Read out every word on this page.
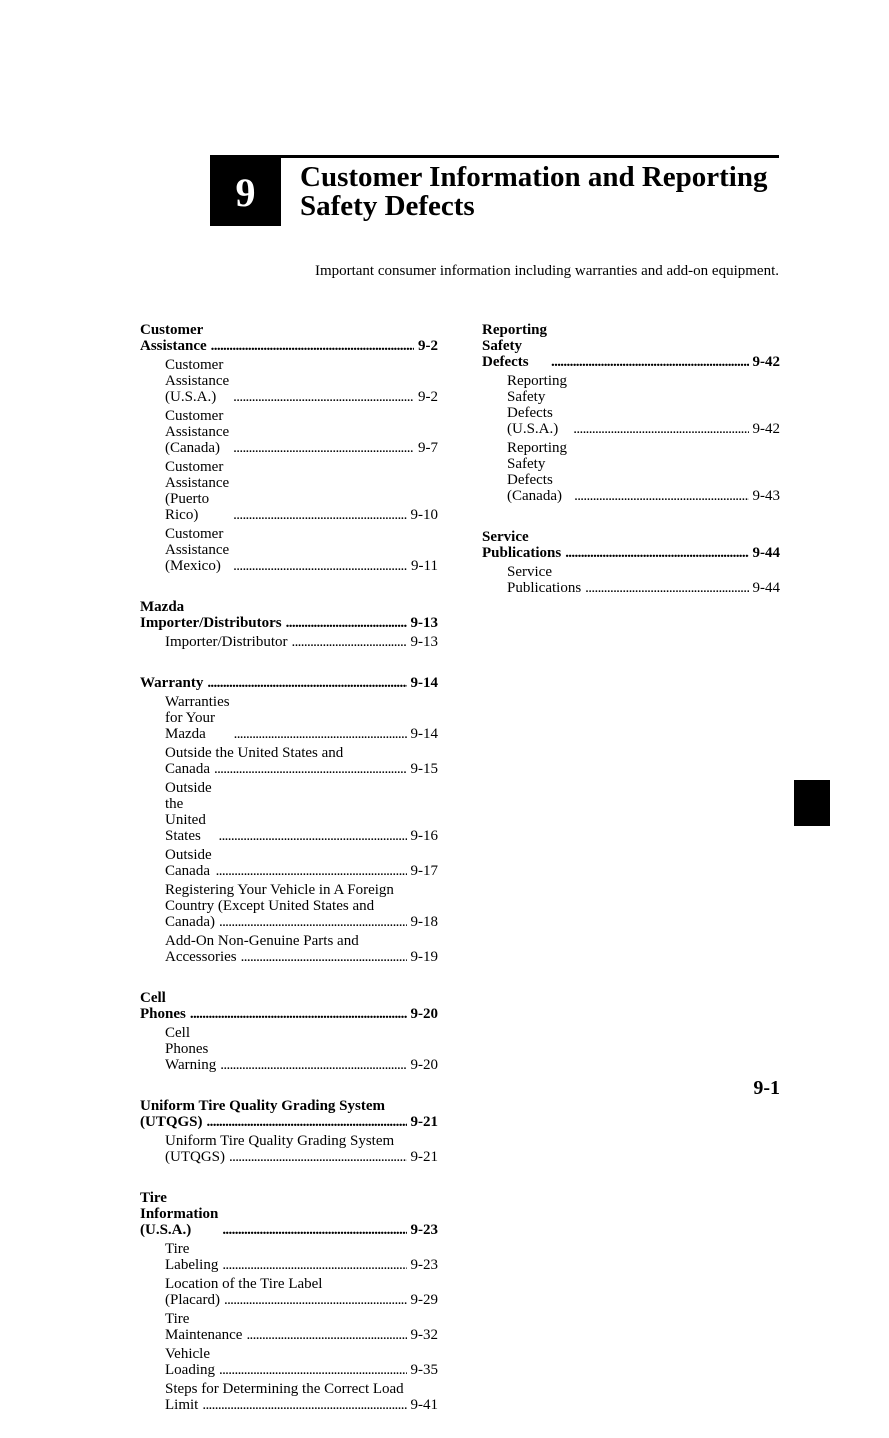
9 Customer Information and Reporting
Safety Defects
Important consumer information including warranties and add-on equipment.
Customer Assistance . . .	9-2
Customer Assistance (U.S.A.) . . .	9-2
Customer Assistance (Canada) . . .	9-7
Customer Assistance (Puerto Rico) . . .	9-10
Customer Assistance (Mexico) . . .	9-11
Mazda Importer/Distributors . . .	9-13
Importer/Distributor . . .	9-13
Warranty . . .	9-14
Warranties for Your Mazda . . .	9-14
Outside the United States and
Canada . . .	9-15
Outside the United States . . .	9-16
Outside Canada . . .	9-17
Registering Your Vehicle in A Foreign
Country (Except United States and
Canada) . . .	9-18
Add-On Non-Genuine Parts and
Accessories . . .	9-19
Cell Phones . . .	9-20
Cell Phones Warning . . .	9-20
Uniform Tire Quality Grading System
(UTQGS) . . .	9-21
Uniform Tire Quality Grading System
(UTQGS) . . .	9-21
Tire Information (U.S.A.) . . .	9-23
Tire Labeling . . .	9-23
Location of the Tire Label
(Placard) . . .	9-29
Tire Maintenance . . .	9-32
Vehicle Loading . . .	9-35
Steps for Determining the Correct Load
Limit . . .	9-41
Reporting Safety Defects . . .	9-42
Reporting Safety Defects (U.S.A.) . . .	9-42
Reporting Safety Defects (Canada) . . .	9-43
Service Publications . . .	9-44
Service Publications . . .	9-44
9-1
